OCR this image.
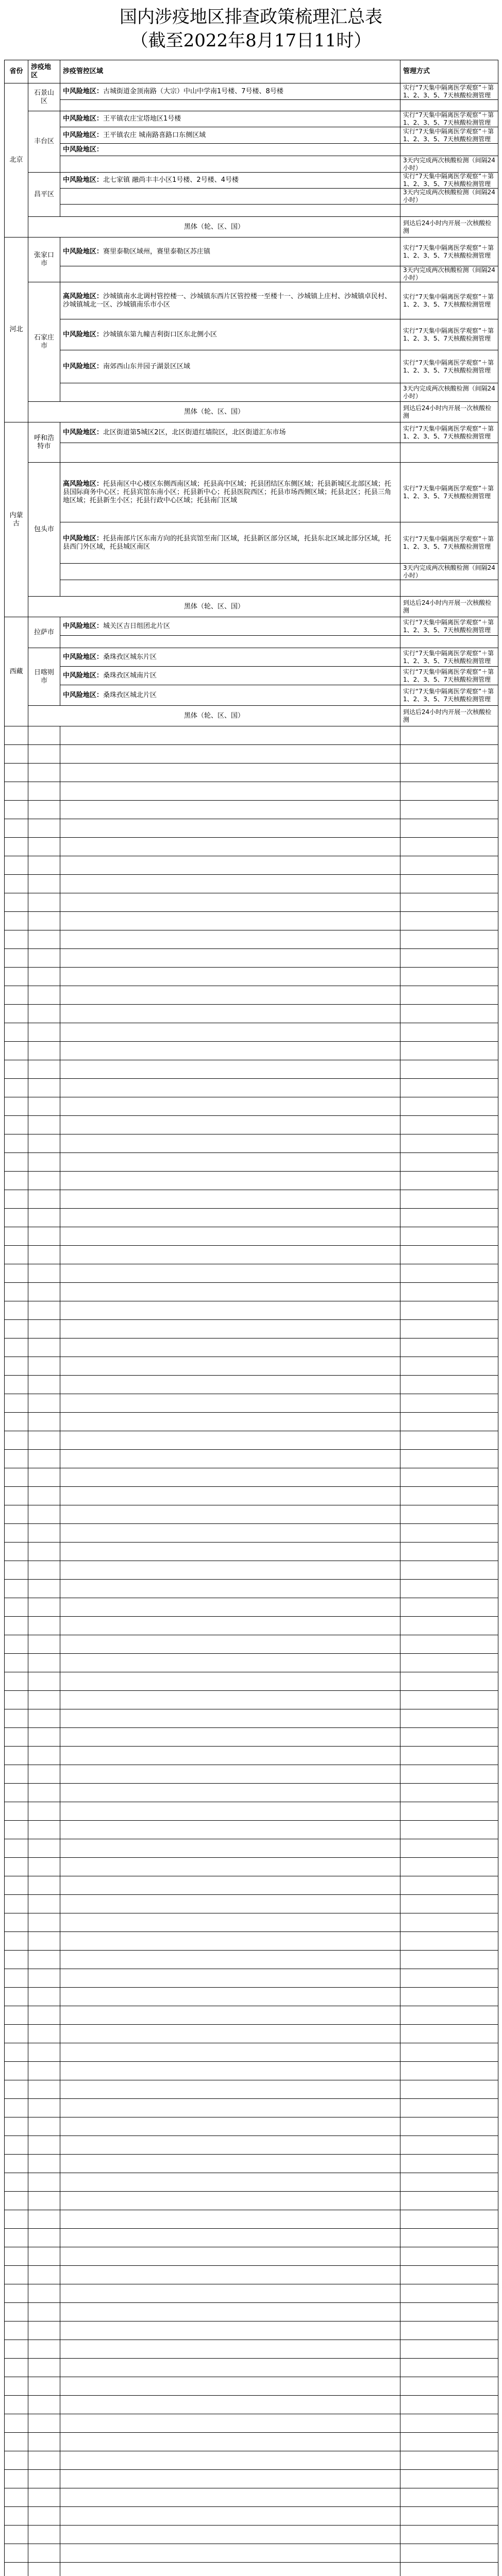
国内涉疫地区排查政策梳理汇总表
（截至2022年8月17日11时）
省份	涉疫地区	涉疫管控区域	管理方式
北京	石景山区	中风险地区：古城街道金顶南路（大宗）中山中学南1号楼、7号楼、8号楼	实行“7天集中隔离医学观察”＋第1、2、3、5、7天核酸检测管理

	丰台区	中风险地区：王平镇农庄宝塔地区1号楼	实行“7天集中隔离医学观察”＋第1、2、3、5、7天核酸检测管理
		中风险地区：王平镇农庄 城南路喜路口东侧区域	实行“7天集中隔离医学观察”＋第1、2、3、5、7天核酸检测管理
		中风险地区：	
			3天内完成两次核酸检测（间隔24小时）
	昌平区	中风险地区：北七家镇 融尚丰丰小区1号楼、2号楼、4号楼	实行“7天集中隔离医学观察”＋第1、2、3、5、7天核酸检测管理
			3天内完成两次核酸检测（间隔24小时）

	黑体（轮、区、国）		到达后24小时内开展一次核酸检测
河北	张家口市	中风险地区：赛里泰勒区域州，赛里泰勒区苏庄镇	实行“7天集中隔离医学观察”＋第1、2、3、5、7天核酸检测管理
			3天内完成两次核酸检测（间隔24小时）
	石家庄市	高风险地区：沙城镇南水北调村管控楼一、沙城镇东西片区管控楼一至楼十一、沙城镇上庄村、沙城镇卓民村、沙城镇城北一区、沙城镇南乐市小区	实行“7天集中隔离医学观察”＋第1、2、3、5、7天核酸检测管理
		中风险地区：沙城镇东第九幢吉利街口区东北侧小区	实行“7天集中隔离医学观察”＋第1、2、3、5、7天核酸检测管理
		中风险地区：南郊西山东井园子湖景区区域	实行“7天集中隔离医学观察”＋第1、2、3、5、7天核酸检测管理
			3天内完成两次核酸检测（间隔24小时）
	黑体（轮、区、国）		到达后24小时内开展一次核酸检测
内蒙古	呼和浩特市	中风险地区：北区街道第5城区2区，北区街道红墙院区，北区街道汇东市场	实行“7天集中隔离医学观察”＋第1、2、3、5、7天核酸检测管理

	包头市	高风险地区：托县南区中心楼区东侧西南区域；托县高中区域；托县团结区东侧区域；托县新城区北部区域；托县国际商务中心区；托县宾馆东南小区；托县新中心；托县医院西区；托县市场西侧区域；托县北区；托县三角地区域；托县新生小区；托县行政中心区域；托县南门区域	实行“7天集中隔离医学观察”＋第1、2、3、5、7天核酸检测管理
		中风险地区：托县南部片区东南方向的托县宾馆至南门区域，托县新区部分区域，托县东北区域北部分区域，托县西门外区域，托县城区南区	实行“7天集中隔离医学观察”＋第1、2、3、5、7天核酸检测管理
			3天内完成两次核酸检测（间隔24小时）

	黑体（轮、区、国）		到达后24小时内开展一次核酸检测
西藏	拉萨市	中风险地区：城关区吉日组团北片区	实行“7天集中隔离医学观察”＋第1、2、3、5、7天核酸检测管理

	日喀则市	中风险地区：桑珠孜区城东片区	实行“7天集中隔离医学观察”＋第1、2、3、5、7天核酸检测管理
		中风险地区：桑珠孜区城南片区	实行“7天集中隔离医学观察”＋第1、2、3、5、7天核酸检测管理
		中风险地区：桑珠孜区城北片区	实行“7天集中隔离医学观察”＋第1、2、3、5、7天核酸检测管理
	黑体（轮、区、国）		到达后24小时内开展一次核酸检测
